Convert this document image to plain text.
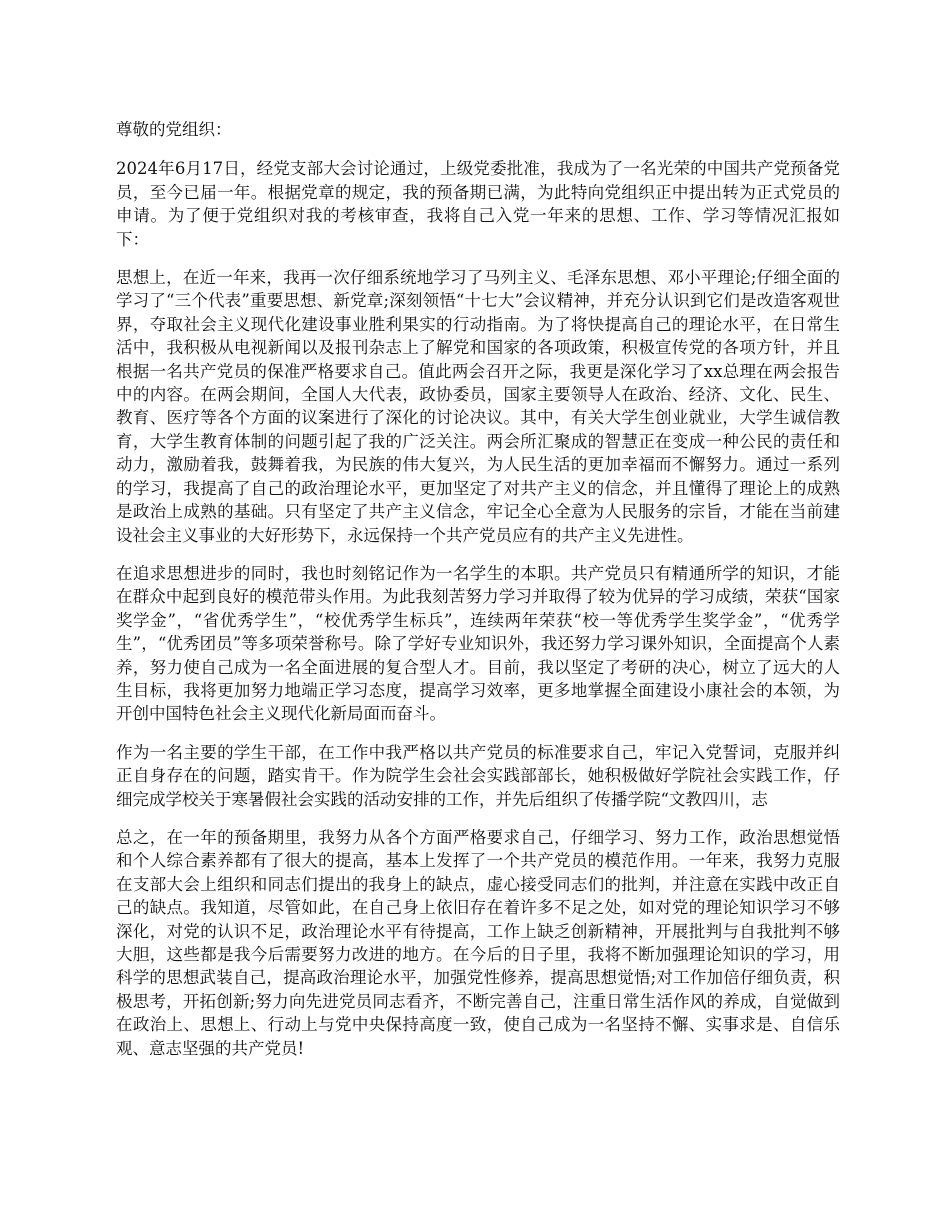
尊敬的党组织：

2024年6月17日，经党支部大会讨论通过，上级党委批准，我成为了一名光荣的中国共产党预备党员，至今已届一年。根据党章的规定，我的预备期已满，为此特向党组织正中提出转为正式党员的申请。为了便于党组织对我的考核审查，我将自己入党一年来的思想、工作、学习等情况汇报如下：

思想上，在近一年来，我再一次仔细系统地学习了马列主义、毛泽东思想、邓小平理论;仔细全面的学习了“三个代表”重要思想、新党章;深刻领悟“十七大”会议精神，并充分认识到它们是改造客观世界，夺取社会主义现代化建设事业胜利果实的行动指南。为了将快提高自己的理论水平，在日常生活中，我积极从电视新闻以及报刊杂志上了解党和国家的各项政策，积极宣传党的各项方针，并且根据一名共产党员的保准严格要求自己。值此两会召开之际，我更是深化学习了xx总理在两会报告中的内容。在两会期间，全国人大代表，政协委员，国家主要领导人在政治、经济、文化、民生、教育、医疗等各个方面的议案进行了深化的讨论决议。其中，有关大学生创业就业，大学生诚信教育，大学生教育体制的问题引起了我的广泛关注。两会所汇聚成的智慧正在变成一种公民的责任和动力，激励着我，鼓舞着我，为民族的伟大复兴，为人民生活的更加幸福而不懈努力。通过一系列的学习，我提高了自己的政治理论水平，更加坚定了对共产主义的信念，并且懂得了理论上的成熟是政治上成熟的基础。只有坚定了共产主义信念，牢记全心全意为人民服务的宗旨，才能在当前建设社会主义事业的大好形势下，永远保持一个共产党员应有的共产主义先进性。

在追求思想进步的同时，我也时刻铭记作为一名学生的本职。共产党员只有精通所学的知识，才能在群众中起到良好的模范带头作用。为此我刻苦努力学习并取得了较为优异的学习成绩，荣获“国家奖学金”，“省优秀学生”，“校优秀学生标兵”，连续两年荣获“校一等优秀学生奖学金”，“优秀学生”，“优秀团员”等多项荣誉称号。除了学好专业知识外，我还努力学习课外知识，全面提高个人素养，努力使自己成为一名全面进展的复合型人才。目前，我以坚定了考研的决心，树立了远大的人生目标，我将更加努力地端正学习态度，提高学习效率，更多地掌握全面建设小康社会的本领，为开创中国特色社会主义现代化新局面而奋斗。

作为一名主要的学生干部，在工作中我严格以共产党员的标准要求自己，牢记入党誓词，克服并纠正自身存在的问题，踏实肯干。作为院学生会社会实践部部长，她积极做好学院社会实践工作，仔细完成学校关于寒暑假社会实践的活动安排的工作，并先后组织了传播学院“文教四川，志

总之，在一年的预备期里，我努力从各个方面严格要求自己，仔细学习、努力工作，政治思想觉悟和个人综合素养都有了很大的提高，基本上发挥了一个共产党员的模范作用。一年来，我努力克服在支部大会上组织和同志们提出的我身上的缺点，虚心接受同志们的批判，并注意在实践中改正自己的缺点。我知道，尽管如此，在自己身上依旧存在着许多不足之处，如对党的理论知识学习不够深化，对党的认识不足，政治理论水平有待提高，工作上缺乏创新精神，开展批判与自我批判不够大胆，这些都是我今后需要努力改进的地方。在今后的日子里，我将不断加强理论知识的学习，用科学的思想武装自己，提高政治理论水平，加强党性修养，提高思想觉悟;对工作加倍仔细负责，积极思考，开拓创新;努力向先进党员同志看齐，不断完善自己，注重日常生活作风的养成，自觉做到在政治上、思想上、行动上与党中央保持高度一致，使自己成为一名坚持不懈、实事求是、自信乐观、意志坚强的共产党员!
